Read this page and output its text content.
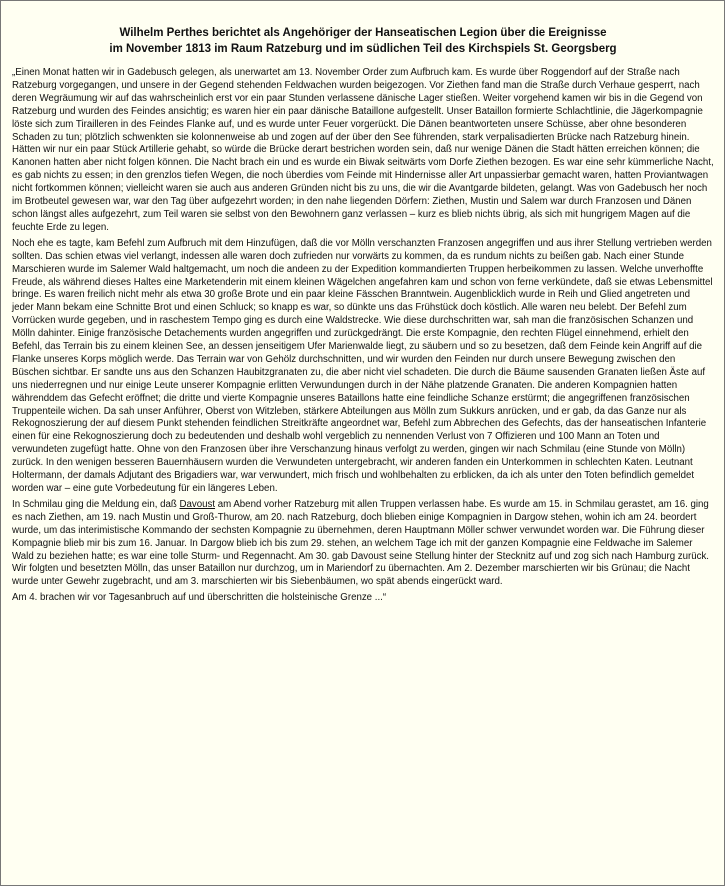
Wilhelm Perthes berichtet als Angehöriger der Hanseatischen Legion über die Ereignisse
im November 1813 im Raum Ratzeburg und im südlichen Teil des Kirchspiels St. Georgsberg
„Einen Monat hatten wir in Gadebusch gelegen, als unerwartet am 13. November Order zum Aufbruch kam. Es wurde über Roggendorf auf der Straße nach Ratzeburg vorgegangen, und unsere in der Gegend stehenden Feldwachen wurden beigezogen. Vor Ziethen fand man die Straße durch Verhaue gesperrt, nach deren Wegräumung wir auf das wahrscheinlich erst vor ein paar Stunden verlassene dänische Lager stießen. Weiter vorgehend kamen wir bis in die Gegend von Ratzeburg und wurden des Feindes ansichtig; es waren hier ein paar dänische Bataillone aufgestellt. Unser Bataillon formierte Schlachtlinie, die Jägerkompagnie löste sich zum Tirailleren in des Feindes Flanke auf, und es wurde unter Feuer vorgerückt. Die Dänen beantworteten unsere Schüsse, aber ohne besonderen Schaden zu tun; plötzlich schwenkten sie kolonnenweise ab und zogen auf der über den See führenden, stark verpalisadierten Brücke nach Ratzeburg hinein. Hätten wir nur ein paar Stück Artillerie gehabt, so würde die Brücke derart bestrichen worden sein, daß nur wenige Dänen die Stadt hätten erreichen können; die Kanonen hatten aber nicht folgen können. Die Nacht brach ein und es wurde ein Biwak seitwärts vom Dorfe Ziethen bezogen. Es war eine sehr kümmerliche Nacht, es gab nichts zu essen; in den grenzlos tiefen Wegen, die noch überdies vom Feinde mit Hindernisse aller Art unpassierbar gemacht waren, hatten Proviantwagen nicht fortkommen können; vielleicht waren sie auch aus anderen Gründen nicht bis zu uns, die wir die Avantgarde bildeten, gelangt. Was von Gadebusch her noch im Brotbeutel gewesen war, war den Tag über aufgezehrt worden; in den nahe liegenden Dörfern: Ziethen, Mustin und Salem war durch Franzosen und Dänen schon längst alles aufgezehrt, zum Teil waren sie selbst von den Bewohnern ganz verlassen – kurz es blieb nichts übrig, als sich mit hungrigem Magen auf die feuchte Erde zu legen.
Noch ehe es tagte, kam Befehl zum Aufbruch mit dem Hinzufügen, daß die vor Mölln verschanzten Franzosen angegriffen und aus ihrer Stellung vertrieben werden sollten. Das schien etwas viel verlangt, indessen alle waren doch zufrieden nur vorwärts zu kommen, da es rundum nichts zu beißen gab. Nach einer Stunde Marschieren wurde im Salemer Wald haltgemacht, um noch die andeen zu der Expedition kommandierten Truppen herbeikommen zu lassen. Welche unverhoffte Freude, als während dieses Haltes eine Marketenderin mit einem kleinen Wägelchen angefahren kam und schon von ferne verkündete, daß sie etwas Lebensmittel bringe. Es waren freilich nicht mehr als etwa 30 große Brote und ein paar kleine Fässchen Branntwein. Augenblicklich wurde in Reih und Glied angetreten und jeder Mann bekam eine Schnitte Brot und einen Schluck; so knapp es war, so dünkte uns das Frühstück doch köstlich. Alle waren neu belebt. Der Befehl zum Vorrücken wurde gegeben, und in raschestem Tempo ging es durch eine Waldstrecke. Wie diese durchschritten war, sah man die französischen Schanzen und Mölln dahinter. Einige französische Detachements wurden angegriffen und zurückgedrängt. Die erste Kompagnie, den rechten Flügel einnehmend, erhielt den Befehl, das Terrain bis zu einem kleinen See, an dessen jenseitigem Ufer Marienwalde liegt, zu säubern und so zu besetzen, daß dem Feinde kein Angriff auf die Flanke unseres Korps möglich werde. Das Terrain war von Gehölz durchschnitten, und wir wurden den Feinden nur durch unsere Bewegung zwischen den Büschen sichtbar. Er sandte uns aus den Schanzen Haubitzgranaten zu, die aber nicht viel schadeten. Die durch die Bäume sausenden Granaten ließen Äste auf uns niederregnen und nur einige Leute unserer Kompagnie erlitten Verwundungen durch in der Nähe platzende Granaten. Die anderen Kompagnien hatten währenddem das Gefecht eröffnet; die dritte und vierte Kompagnie unseres Bataillons hatte eine feindliche Schanze erstürmt; die angegriffenen französischen Truppenteile wichen. Da sah unser Anführer, Oberst von Witzleben, stärkere Abteilungen aus Mölln zum Sukkurs anrücken, und er gab, da das Ganze nur als Rekognoszierung der auf diesem Punkt stehenden feindlichen Streitkräfte angeordnet war, Befehl zum Abbrechen des Gefechts, das der hanseatischen Infanterie einen für eine Rekognoszierung doch zu bedeutenden und deshalb wohl vergeblich zu nennenden Verlust von 7 Offizieren und 100 Mann an Toten und verwundeten zugefügt hatte. Ohne von den Franzosen über ihre Verschanzung hinaus verfolgt zu werden, gingen wir nach Schmilau (eine Stunde von Mölln) zurück. In den wenigen besseren Bauernhäusern wurden die Verwundeten untergebracht, wir anderen fanden ein Unterkommen in schlechten Katen. Leutnant Holtermann, der damals Adjutant des Brigadiers war, war verwundert, mich frisch und wohlbehalten zu erblicken, da ich als unter den Toten befindlich gemeldet worden war – eine gute Vorbedeutung für ein längeres Leben.
In Schmilau ging die Meldung ein, daß Davoust am Abend vorher Ratzeburg mit allen Truppen verlassen habe. Es wurde am 15. in Schmilau gerastet, am 16. ging es nach Ziethen, am 19. nach Mustin und Groß-Thurow, am 20. nach Ratzeburg, doch blieben einige Kompagnien in Dargow stehen, wohin ich am 24. beordert wurde, um das interimistische Kommando der sechsten Kompagnie zu übernehmen, deren Hauptmann Möller schwer verwundet worden war. Die Führung dieser Kompagnie blieb mir bis zum 16. Januar. In Dargow blieb ich bis zum 29. stehen, an welchem Tage ich mit der ganzen Kompagnie eine Feldwache im Salemer Wald zu beziehen hatte; es war eine tolle Sturm- und Regennacht. Am 30. gab Davoust seine Stellung hinter der Stecknitz auf und zog sich nach Hamburg zurück. Wir folgten und besetzten Mölln, das unser Bataillon nur durchzog, um in Mariendorf zu übernachten. Am 2. Dezember marschierten wir bis Grünau; die Nacht wurde unter Gewehr zugebracht, und am 3. marschierten wir bis Siebenbäumen, wo spät abends eingerückt ward.
Am 4. brachen wir vor Tagesanbruch auf und überschritten die holsteinische Grenze ...“
